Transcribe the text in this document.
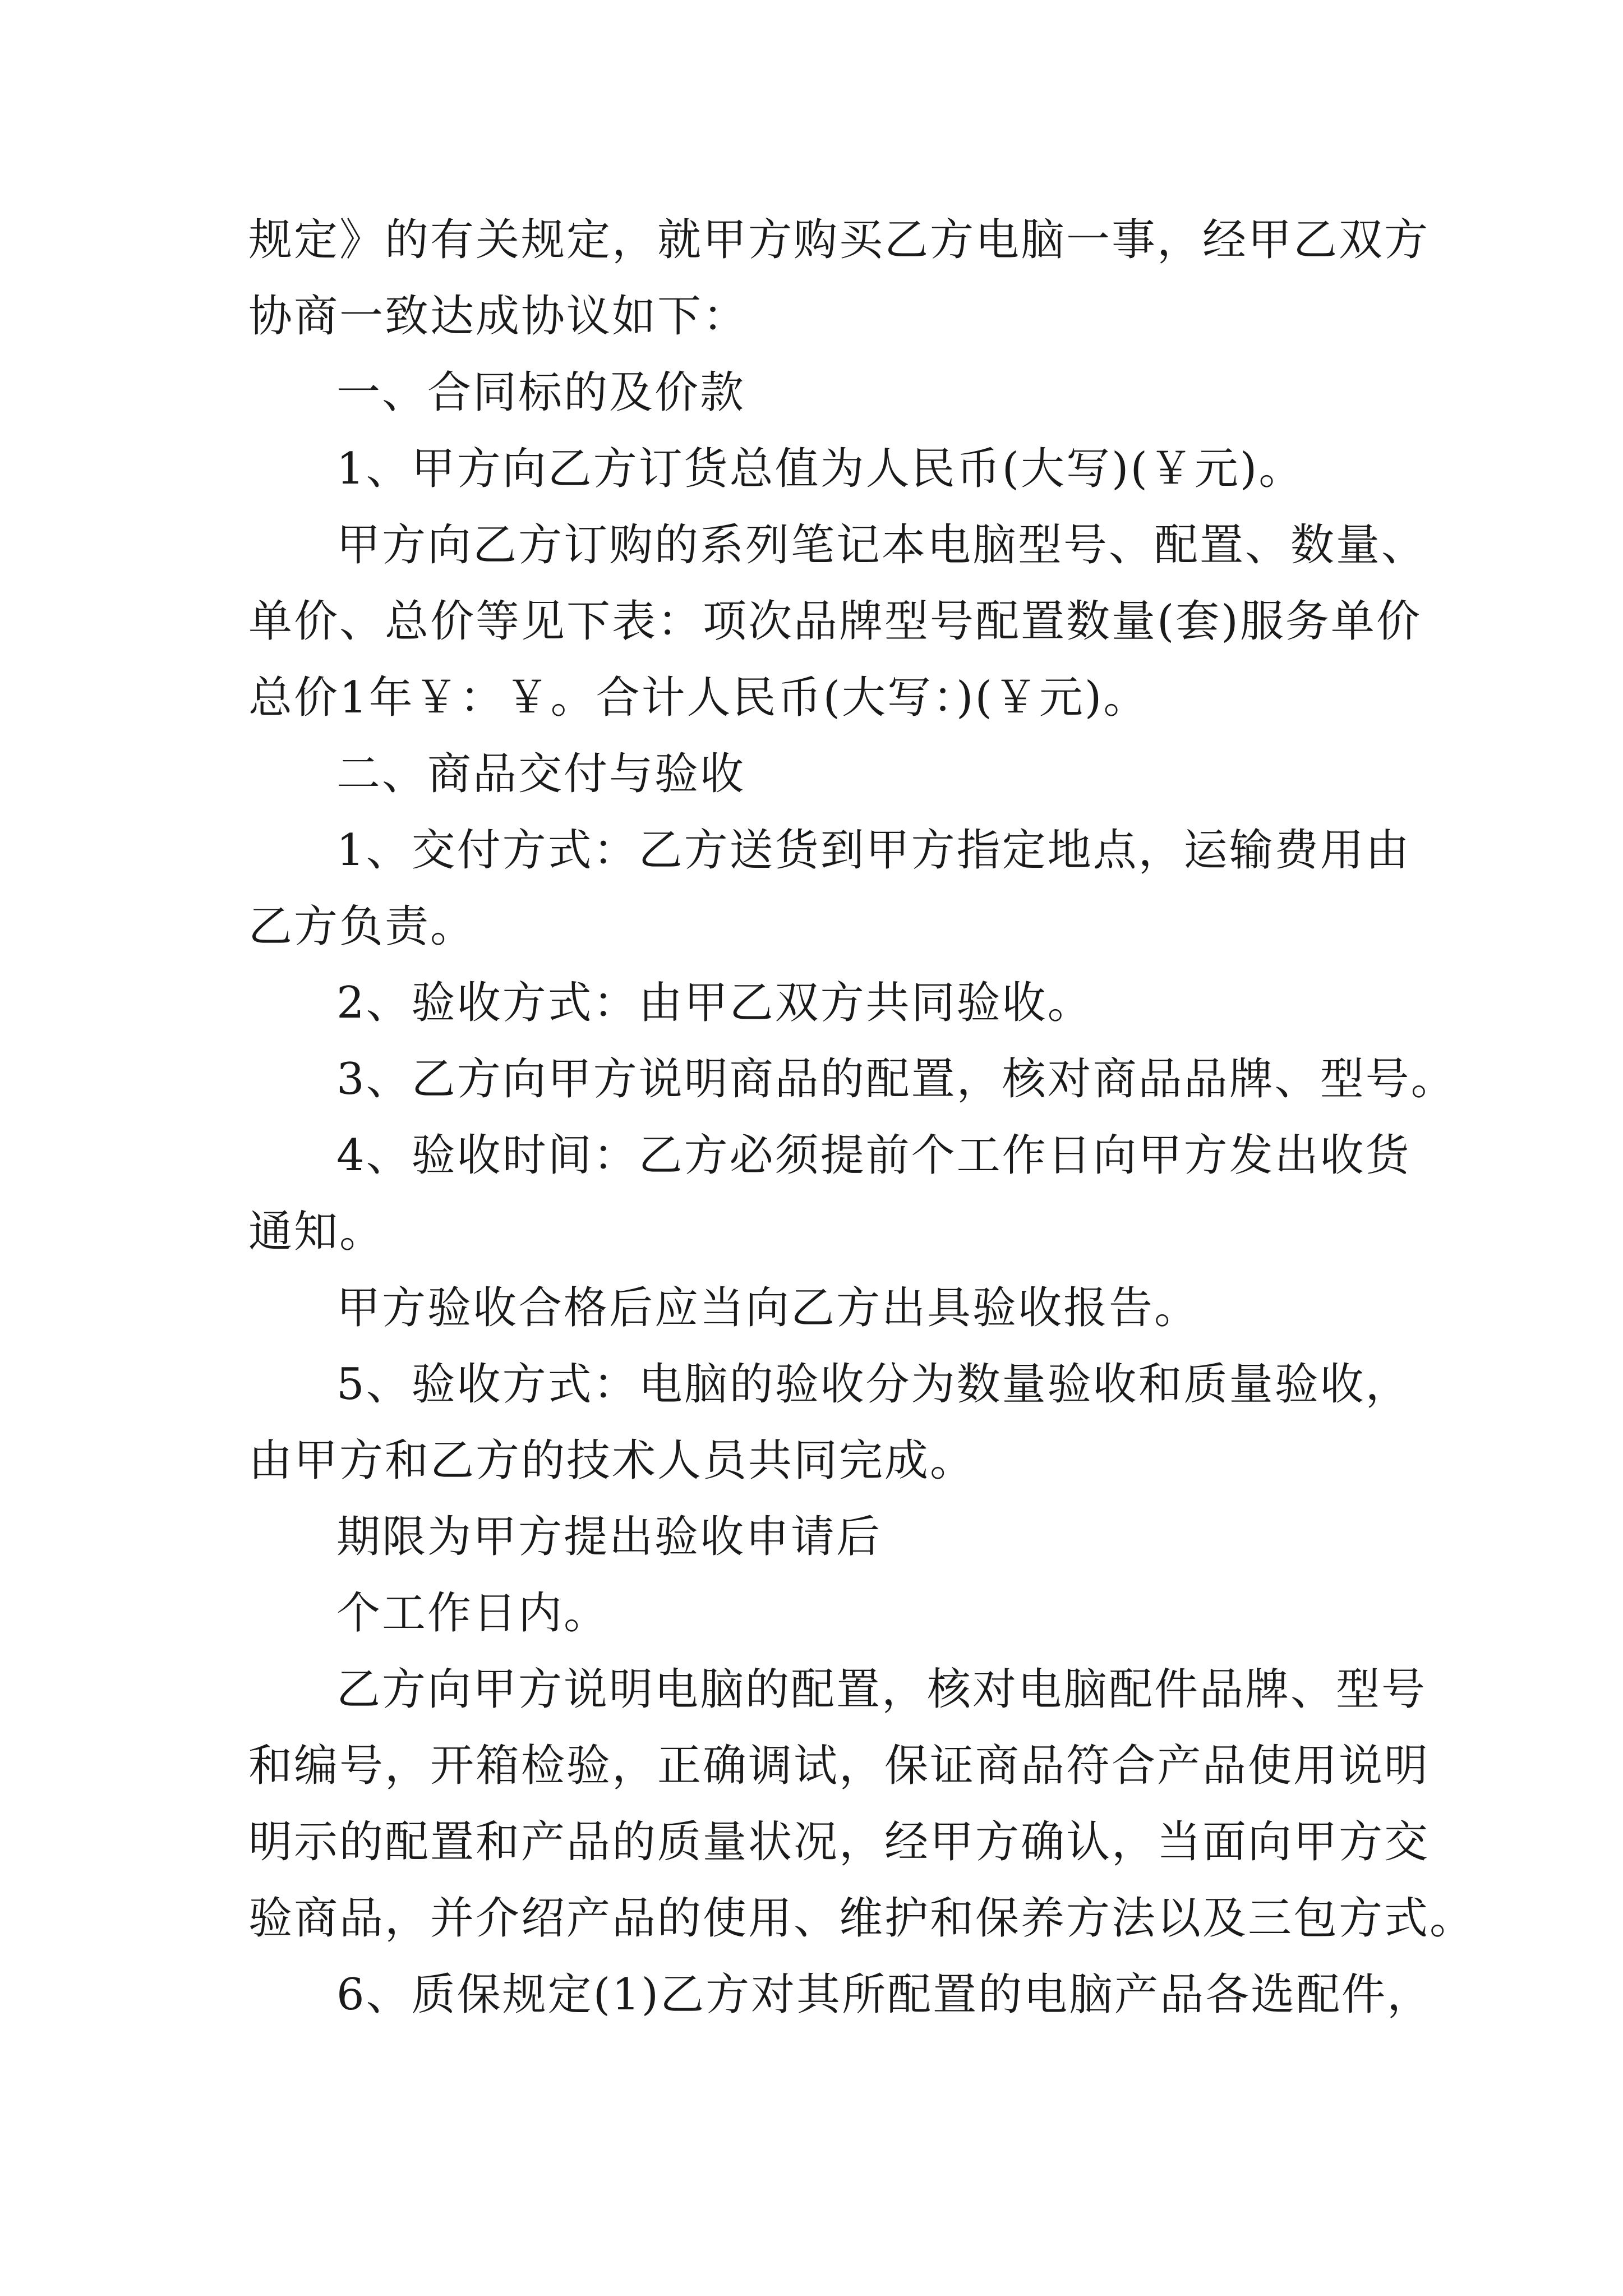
规定》的有关规定，就甲方购买乙方电脑一事，经甲乙双方
协商一致达成协议如下：
一、合同标的及价款
1、甲方向乙方订货总值为人民币(大写)(￥元)。
甲方向乙方订购的系列笔记本电脑型号、配置、数量、
单价、总价等见下表：项次品牌型号配置数量(套)服务单价
总价1年￥：￥。合计人民币(大写：)(￥元)。
二、商品交付与验收
1、交付方式：乙方送货到甲方指定地点，运输费用由
乙方负责。
2、验收方式：由甲乙双方共同验收。
3、乙方向甲方说明商品的配置，核对商品品牌、型号。
4、验收时间：乙方必须提前个工作日向甲方发出收货
通知。
甲方验收合格后应当向乙方出具验收报告。
5、验收方式：电脑的验收分为数量验收和质量验收，
由甲方和乙方的技术人员共同完成。
期限为甲方提出验收申请后
个工作日内。
乙方向甲方说明电脑的配置，核对电脑配件品牌、型号
和编号，开箱检验，正确调试，保证商品符合产品使用说明
明示的配置和产品的质量状况，经甲方确认，当面向甲方交
验商品，并介绍产品的使用、维护和保养方法以及三包方式。
6、质保规定(1)乙方对其所配置的电脑产品各选配件，
